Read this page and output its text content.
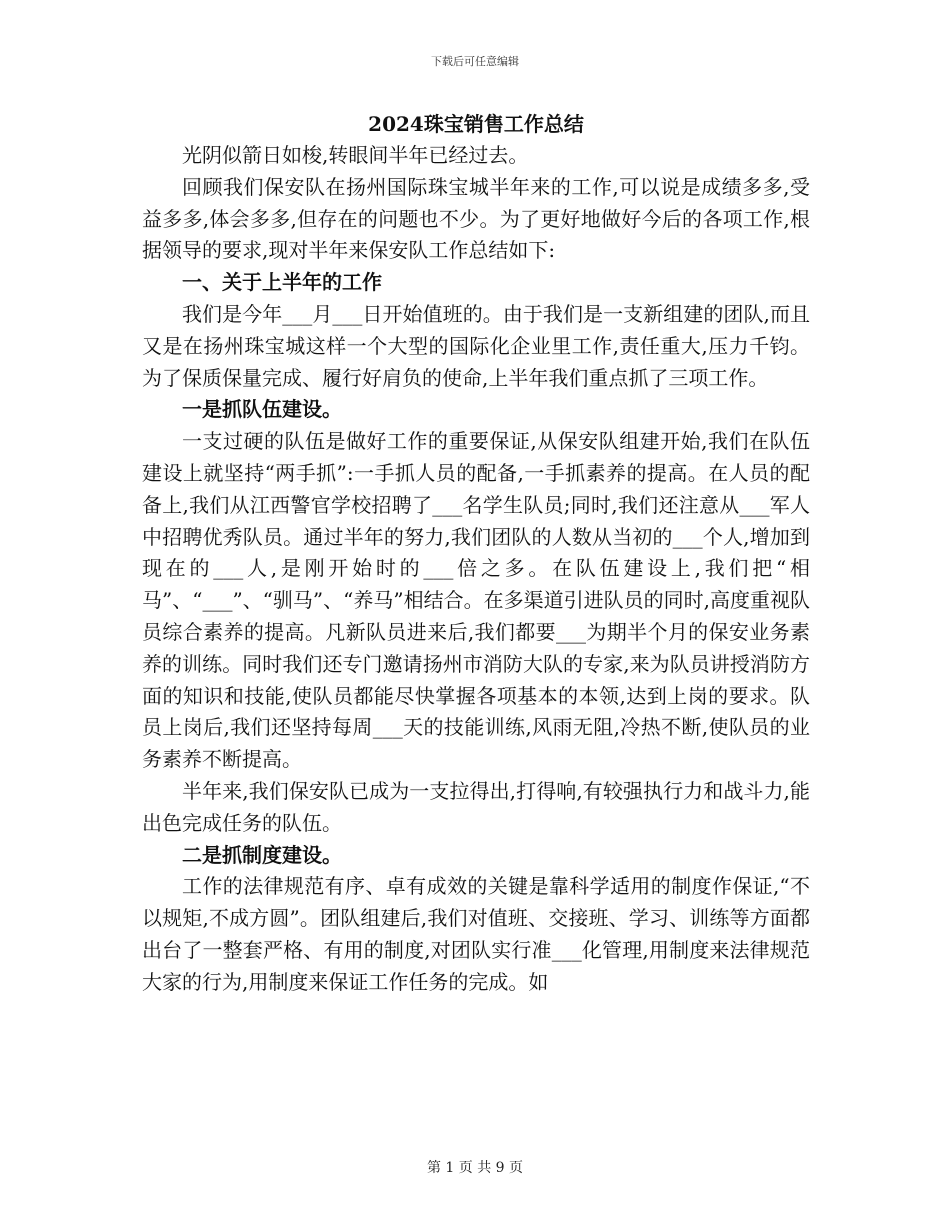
下载后可任意编辑
2024珠宝销售工作总结

光阴似箭日如梭,转眼间半年已经过去。

回顾我们保安队在扬州国际珠宝城半年来的工作,可以说是成绩多多,受益多多,体会多多,但存在的问题也不少。为了更好地做好今后的各项工作,根据领导的要求,现对半年来保安队工作总结如下:

一、关于上半年的工作

我们是今年___月___日开始值班的。由于我们是一支新组建的团队,而且又是在扬州珠宝城这样一个大型的国际化企业里工作,责任重大,压力千钧。为了保质保量完成、履行好肩负的使命,上半年我们重点抓了三项工作。

一是抓队伍建设。

一支过硬的队伍是做好工作的重要保证,从保安队组建开始,我们在队伍建设上就坚持“两手抓”:一手抓人员的配备,一手抓素养的提高。在人员的配备上,我们从江西警官学校招聘了___名学生队员;同时,我们还注意从___军人中招聘优秀队员。通过半年的努力,我们团队的人数从当初的___个人,增加到现在的___人,是刚开始时的___倍之多。在队伍建设上,我们把“相马”、“___”、“驯马”、“养马”相结合。在多渠道引进队员的同时,高度重视队员综合素养的提高。凡新队员进来后,我们都要___为期半个月的保安业务素养的训练。同时我们还专门邀请扬州市消防大队的专家,来为队员讲授消防方面的知识和技能,使队员都能尽快掌握各项基本的本领,达到上岗的要求。队员上岗后,我们还坚持每周___天的技能训练,风雨无阻,冷热不断,使队员的业务素养不断提高。

半年来,我们保安队已成为一支拉得出,打得响,有较强执行力和战斗力,能出色完成任务的队伍。

二是抓制度建设。

工作的法律规范有序、卓有成效的关键是靠科学适用的制度作保证,“不以规矩,不成方圆”。团队组建后,我们对值班、交接班、学习、训练等方面都出台了一整套严格、有用的制度,对团队实行准___化管理,用制度来法律规范大家的行为,用制度来保证工作任务的完成。如

第 1 页 共 9 页
